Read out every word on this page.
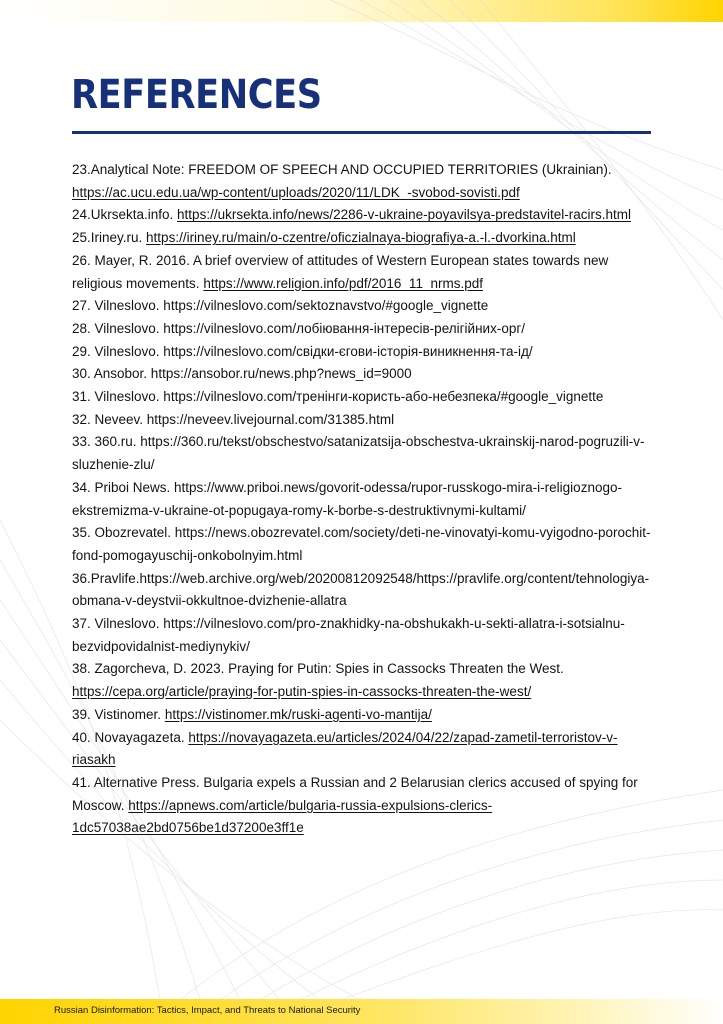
REFERENCES

23.Analytical Note: FREEDOM OF SPEECH AND OCCUPIED TERRITORIES (Ukrainian). https://ac.ucu.edu.ua/wp-content/uploads/2020/11/LDK_-svobod-sovisti.pdf

24.Ukrsekta.info. https://ukrsekta.info/news/2286-v-ukraine-poyavilsya-predstavitel-racirs.html

25.Iriney.ru. https://iriney.ru/main/o-czentre/oficzialnaya-biografiya-a.-l.-dvorkina.html

26. Mayer, R. 2016. A brief overview of attitudes of Western European states towards new religious movements. https://www.religion.info/pdf/2016_11_nrms.pdf

27. Vilneslovo. https://vilneslovo.com/sektoznavstvo/#google_vignette

28. Vilneslovo. https://vilneslovo.com/лобіювання-інтересів-релігійних-орг/

29. Vilneslovo. https://vilneslovo.com/свідки-єгови-історія-виникнення-та-ід/

30. Ansobor. https://ansobor.ru/news.php?news_id=9000

31. Vilneslovo. https://vilneslovo.com/тренінги-користь-або-небезпека/#google_vignette

32. Neveev. https://neveev.livejournal.com/31385.html

33. 360.ru. https://360.ru/tekst/obschestvo/satanizatsija-obschestva-ukrainskij-narod-pogruzili-v-sluzhenie-zlu/

34. Priboi News. https://www.priboi.news/govorit-odessa/rupor-russkogo-mira-i-religioznogo-ekstremizma-v-ukraine-ot-popugaya-romy-k-borbe-s-destruktivnymi-kultami/

35. Obozrevatel. https://news.obozrevatel.com/society/deti-ne-vinovatyi-komu-vyigodno-porochit-fond-pomogayuschij-onkobolnyim.html

36.Pravlife.https://web.archive.org/web/20200812092548/https://pravlife.org/content/tehnologiya-obmana-v-deystvii-okkultnoe-dvizhenie-allatra

37. Vilneslovo. https://vilneslovo.com/pro-znakhidky-na-obshukakh-u-sekti-allatra-i-sotsialnu-bezvidpovidalnist-mediynykiv/

38. Zagorcheva, D. 2023. Praying for Putin: Spies in Cassocks Threaten the West. https://cepa.org/article/praying-for-putin-spies-in-cassocks-threaten-the-west/

39. Vistinomer. https://vistinomer.mk/ruski-agenti-vo-mantija/

40. Novayagazeta. https://novayagazeta.eu/articles/2024/04/22/zapad-zametil-terroristov-v-riasakh

41. Alternative Press. Bulgaria expels a Russian and 2 Belarusian clerics accused of spying for Moscow. https://apnews.com/article/bulgaria-russia-expulsions-clerics-1dc57038ae2bd0756be1d37200e3ff1e

Russian Disinformation: Tactics, Impact, and Threats to National Security
